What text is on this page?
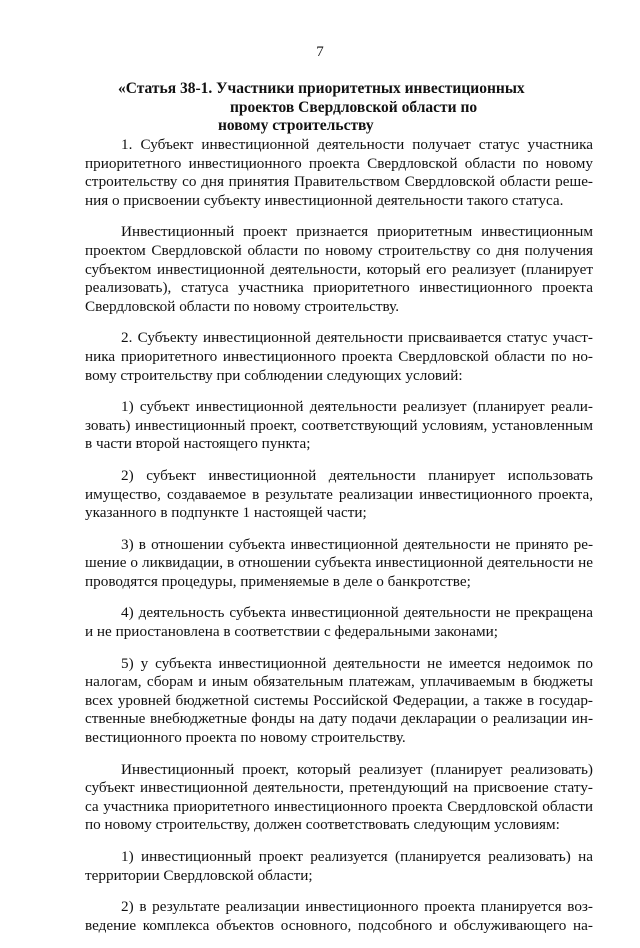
7
«Статья 38-1. Участники приоритетных инвестиционных
проектов Свердловской области по
новому строительству
1. Субъект инвестиционной деятельности получает статус участника
приоритетного инвестиционного проекта Свердловской области по новому
строительству со дня принятия Правительством Свердловской области реше-
ния о присвоении субъекту инвестиционной деятельности такого статуса.
Инвестиционный проект признается приоритетным инвестиционным
проектом Свердловской области по новому строительству со дня получения
субъектом инвестиционной деятельности, который его реализует (планирует
реализовать), статуса участника приоритетного инвестиционного проекта
Свердловской области по новому строительству.
2. Субъекту инвестиционной деятельности присваивается статус участ-
ника приоритетного инвестиционного проекта Свердловской области по но-
вому строительству при соблюдении следующих условий:
1) субъект инвестиционной деятельности реализует (планирует реали-
зовать) инвестиционный проект, соответствующий условиям, установленным
в части второй настоящего пункта;
2) субъект инвестиционной деятельности планирует использовать
имущество, создаваемое в результате реализации инвестиционного проекта,
указанного в подпункте 1 настоящей части;
3) в отношении субъекта инвестиционной деятельности не принято ре-
шение о ликвидации, в отношении субъекта инвестиционной деятельности не
проводятся процедуры, применяемые в деле о банкротстве;
4) деятельность субъекта инвестиционной деятельности не прекращена
и не приостановлена в соответствии с федеральными законами;
5) у субъекта инвестиционной деятельности не имеется недоимок по
налогам, сборам и иным обязательным платежам, уплачиваемым в бюджеты
всех уровней бюджетной системы Российской Федерации, а также в государ-
ственные внебюджетные фонды на дату подачи декларации о реализации ин-
вестиционного проекта по новому строительству.
Инвестиционный проект, который реализует (планирует реализовать)
субъект инвестиционной деятельности, претендующий на присвоение стату-
са участника приоритетного инвестиционного проекта Свердловской области
по новому строительству, должен соответствовать следующим условиям:
1) инвестиционный проект реализуется (планируется реализовать) на
территории Свердловской области;
2) в результате реализации инвестиционного проекта планируется воз-
ведение комплекса объектов основного, подсобного и обслуживающего на-
